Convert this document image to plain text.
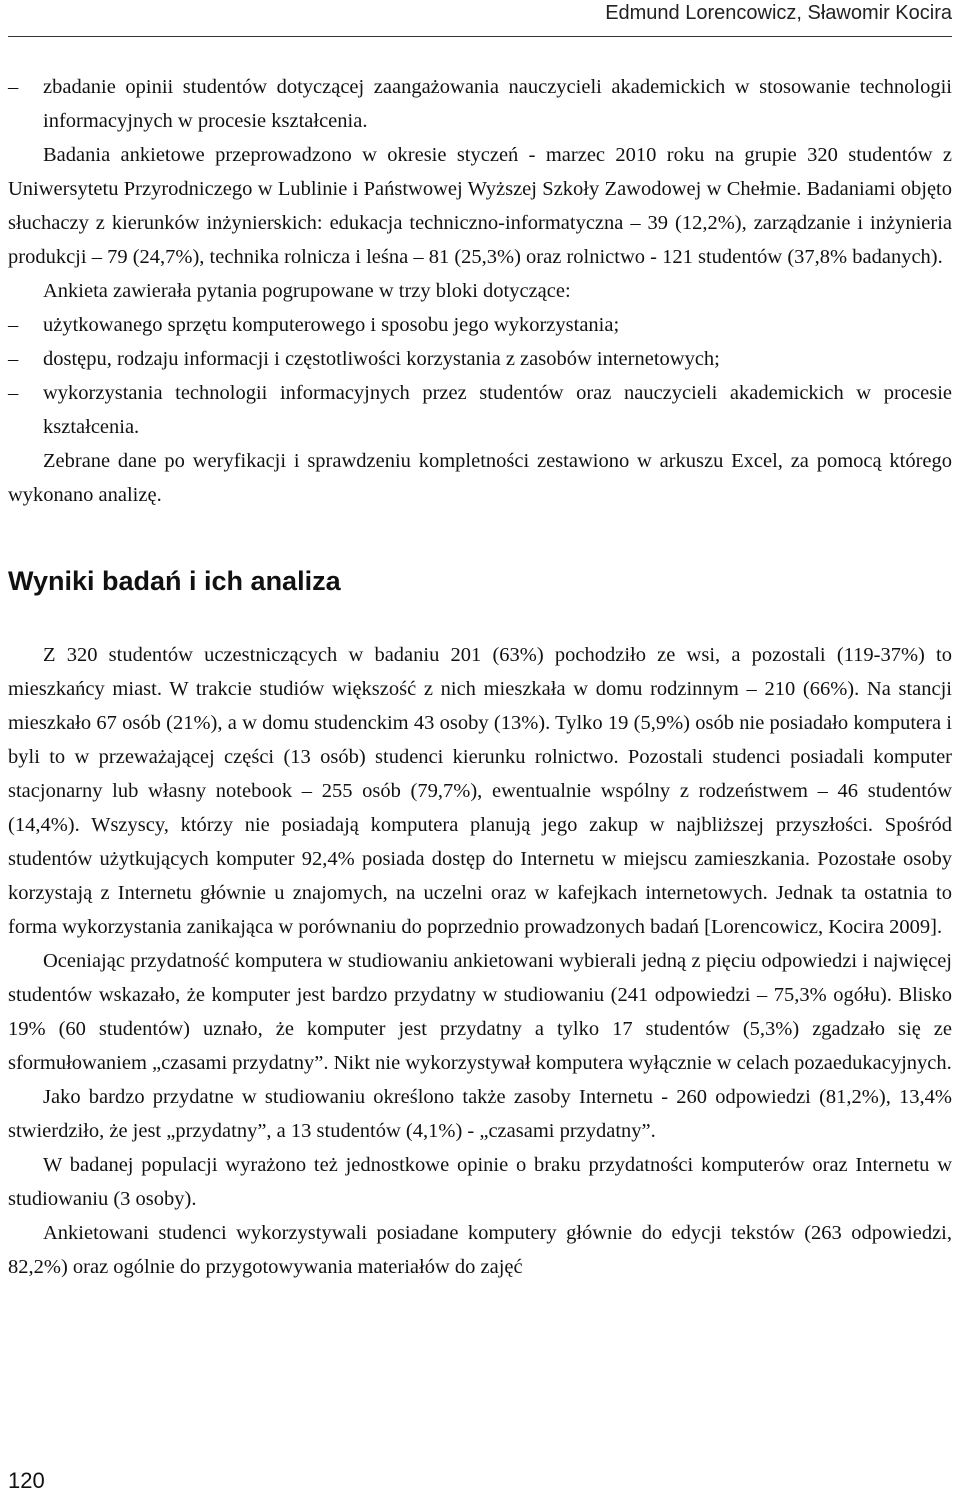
Edmund Lorencowicz, Sławomir Kocira
–	zbadanie opinii studentów dotyczącej zaangażowania nauczycieli akademickich w stosowanie technologii informacyjnych w procesie kształcenia.

Badania ankietowe przeprowadzono w okresie styczeń - marzec 2010 roku na grupie 320 studentów z Uniwersytetu Przyrodniczego w Lublinie i Państwowej Wyższej Szkoły Zawodowej w Chełmie. Badaniami objęto słuchaczy z kierunków inżynierskich: edukacja techniczno-informatyczna – 39 (12,2%), zarządzanie i inżynieria produkcji – 79 (24,7%), technika rolnicza i leśna – 81 (25,3%) oraz rolnictwo - 121 studentów (37,8% badanych).

Ankieta zawierała pytania pogrupowane w trzy bloki dotyczące:

–	użytkowanego sprzętu komputerowego i sposobu jego wykorzystania;
–	dostępu, rodzaju informacji i częstotliwości korzystania z zasobów internetowych;
–	wykorzystania technologii informacyjnych przez studentów oraz nauczycieli akademickich w procesie kształcenia.

Zebrane dane po weryfikacji i sprawdzeniu kompletności zestawiono w arkuszu Excel, za pomocą którego wykonano analizę.

Wyniki badań i ich analiza

Z 320 studentów uczestniczących w badaniu 201 (63%) pochodziło ze wsi, a pozostali (119-37%) to mieszkańcy miast. W trakcie studiów większość z nich mieszkała w domu rodzinnym – 210 (66%). Na stancji mieszkało 67 osób (21%), a w domu studenckim 43 osoby (13%). Tylko 19 (5,9%) osób nie posiadało komputera i byli to w przeważającej części (13 osób) studenci kierunku rolnictwo. Pozostali studenci posiadali komputer stacjonarny lub własny notebook – 255 osób (79,7%), ewentualnie wspólny z rodzeństwem – 46 studentów (14,4%). Wszyscy, którzy nie posiadają komputera planują jego zakup w najbliższej przyszłości. Spośród studentów użytkujących komputer 92,4% posiada dostęp do Internetu w miejscu zamieszkania. Pozostałe osoby korzystają z Internetu głównie u znajomych, na uczelni oraz w kafejkach internetowych. Jednak ta ostatnia to forma wykorzystania zanikająca w porównaniu do poprzednio prowadzonych badań [Lorencowicz, Kocira 2009].

Oceniając przydatność komputera w studiowaniu ankietowani wybierali jedną z pięciu odpowiedzi i najwięcej studentów wskazało, że komputer jest bardzo przydatny w studiowaniu (241 odpowiedzi – 75,3% ogółu). Blisko 19% (60 studentów) uznało, że komputer jest przydatny a tylko 17 studentów (5,3%) zgadzało się ze sformułowaniem „czasami przydatny”. Nikt nie wykorzystywał komputera wyłącznie w celach pozaedukacyjnych.

Jako bardzo przydatne w studiowaniu określono także zasoby Internetu - 260 odpowiedzi (81,2%), 13,4% stwierdziło, że jest „przydatny”, a 13 studentów (4,1%) - „czasami przydatny”.

W badanej populacji wyrażono też jednostkowe opinie o braku przydatności komputerów oraz Internetu w studiowaniu (3 osoby).

Ankietowani studenci wykorzystywali posiadane komputery głównie do edycji tekstów (263 odpowiedzi, 82,2%) oraz ogólnie do przygotowywania materiałów do zajęć

120
